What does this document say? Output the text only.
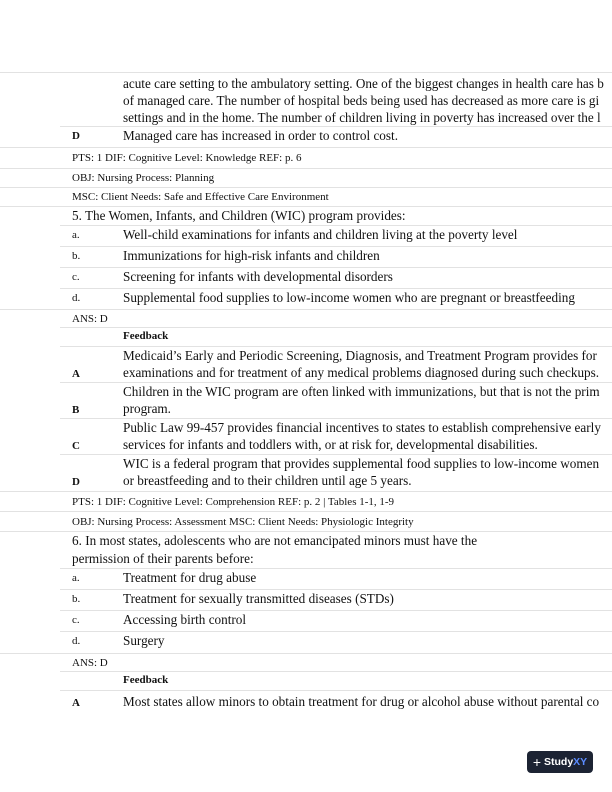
acute care setting to the ambulatory setting. One of the biggest changes in health care has b
of managed care. The number of hospital beds being used has decreased as more care is gi
settings and in the home. The number of children living in poverty has increased over the l
D	Managed care has increased in order to control cost.
PTS: 1 DIF: Cognitive Level: Knowledge REF: p. 6
OBJ: Nursing Process: Planning
MSC: Client Needs: Safe and Effective Care Environment
5. The Women, Infants, and Children (WIC) program provides:
a.	Well-child examinations for infants and children living at the poverty level
b.	Immunizations for high-risk infants and children
c.	Screening for infants with developmental disorders
d.	Supplemental food supplies to low-income women who are pregnant or breastfeeding
ANS: D
Feedback
Medicaid’s Early and Periodic Screening, Diagnosis, and Treatment Program provides for
A	examinations and for treatment of any medical problems diagnosed during such checkups.
Children in the WIC program are often linked with immunizations, but that is not the prim
B	program.
Public Law 99-457 provides financial incentives to states to establish comprehensive early
C	services for infants and toddlers with, or at risk for, developmental disabilities.
WIC is a federal program that provides supplemental food supplies to low-income women
D	or breastfeeding and to their children until age 5 years.
PTS: 1 DIF: Cognitive Level: Comprehension REF: p. 2 | Tables 1-1, 1-9
OBJ: Nursing Process: Assessment MSC: Client Needs: Physiologic Integrity
6. In most states, adolescents who are not emancipated minors must have the
permission of their parents before:
a.	Treatment for drug abuse
b.	Treatment for sexually transmitted diseases (STDs)
c.	Accessing birth control
d.	Surgery
ANS: D
Feedback
A	Most states allow minors to obtain treatment for drug or alcohol abuse without parental co
+ StudyXY
